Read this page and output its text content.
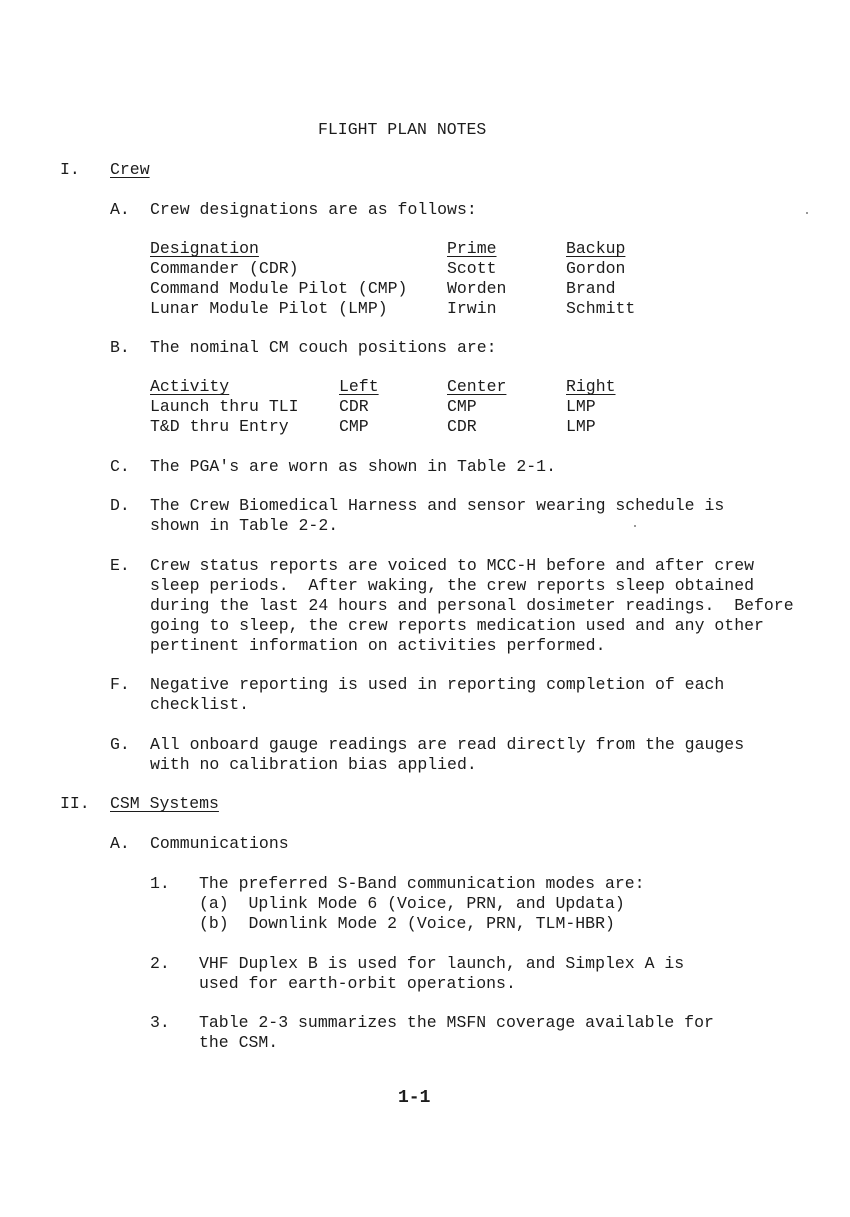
FLIGHT PLAN NOTES
I. Crew
A. Crew designations are as follows:
Designation	Prime	Backup
Commander (CDR)	Scott	Gordon
Command Module Pilot (CMP) Worden	Brand
Lunar Module Pilot (LMP)	Irwin	Schmitt
B. The nominal CM couch positions are:
Activity	Left	Center	Right
Launch thru TLI CDR	CMP	LMP
T&D thru Entry	CMP	CDR	LMP
C. The PGA's are worn as shown in Table 2-1.
D. The Crew Biomedical Harness and sensor wearing schedule is
shown in Table 2-2.
E. Crew status reports are voiced to MCC-H before and after crew
sleep periods.  After waking, the crew reports sleep obtained
during the last 24 hours and personal dosimeter readings.  Before
going to sleep, the crew reports medication used and any other
pertinent information on activities performed.
F. Negative reporting is used in reporting completion of each
checklist.
G. All onboard gauge readings are read directly from the gauges
with no calibration bias applied.
II. CSM Systems
A. Communications
1. The preferred S-Band communication modes are:
(a)  Uplink Mode 6 (Voice, PRN, and Updata)
(b)  Downlink Mode 2 (Voice, PRN, TLM-HBR)
2. VHF Duplex B is used for launch, and Simplex A is
used for earth-orbit operations.
3. Table 2-3 summarizes the MSFN coverage available for
the CSM.
1-1
